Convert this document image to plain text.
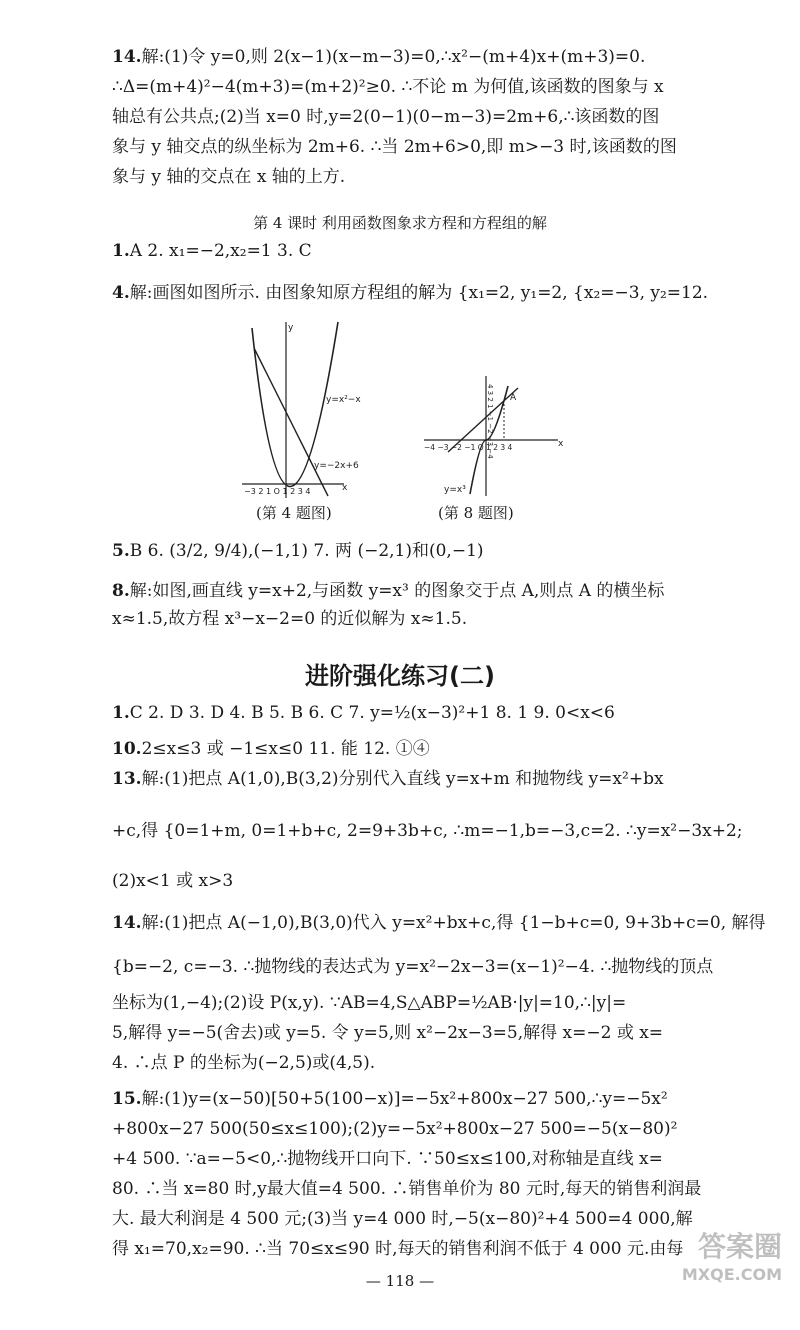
14.解:(1)令 y=0,则 2(x−1)(x−m−3)=0,∴x²−(m+4)x+(m+3)=0.
∴Δ=(m+4)²−4(m+3)=(m+2)²≥0. ∴不论 m 为何值,该函数的图象与 x
轴总有公共点;(2)当 x=0 时,y=2(0−1)(0−m−3)=2m+6,∴该函数的图
象与 y 轴交点的纵坐标为 2m+6. ∴当 2m+6>0,即 m>−3 时,该函数的图
象与 y 轴的交点在 x 轴的上方.
第 4 课时 利用函数图象求方程和方程组的解
1.A 2. x₁=−2,x₂=1 3. C
4.解:画图如图所示. 由图象知原方程组的解为 {x₁=2, y₁=2, {x₂=−3, y₂=12.
y=x²−x
y=−2x+6
−3 2 1 O 1 2 3 4	x
y
(第 4 题图)
A
y=x³
−4 −3 −2 −1 O 1 2 3 4	x
4 3 2 1 −1 −2 −3 −4
(第 8 题图)
5.B 6. (3/2, 9/4),(−1,1) 7. 两 (−2,1)和(0,−1)
8.解:如图,画直线 y=x+2,与函数 y=x³ 的图象交于点 A,则点 A 的横坐标
x≈1.5,故方程 x³−x−2=0 的近似解为 x≈1.5.
进阶强化练习(二)
1.C 2. D 3. D 4. B 5. B 6. C 7. y=½(x−3)²+1 8. 1 9. 0<x<6
10.2≤x≤3 或 −1≤x≤0 11. 能 12. ①④
13.解:(1)把点 A(1,0),B(3,2)分别代入直线 y=x+m 和抛物线 y=x²+bx
+c,得 {0=1+m, 0=1+b+c, 2=9+3b+c, ∴m=−1,b=−3,c=2. ∴y=x²−3x+2;
(2)x<1 或 x>3
14.解:(1)把点 A(−1,0),B(3,0)代入 y=x²+bx+c,得 {1−b+c=0, 9+3b+c=0, 解得
{b=−2, c=−3. ∴抛物线的表达式为 y=x²−2x−3=(x−1)²−4. ∴抛物线的顶点
坐标为(1,−4);(2)设 P(x,y). ∵AB=4,S△ABP=½AB·|y|=10,∴|y|=
5,解得 y=−5(舍去)或 y=5. 令 y=5,则 x²−2x−3=5,解得 x=−2 或 x=
4. ∴点 P 的坐标为(−2,5)或(4,5).
15.解:(1)y=(x−50)[50+5(100−x)]=−5x²+800x−27 500,∴y=−5x²
+800x−27 500(50≤x≤100);(2)y=−5x²+800x−27 500=−5(x−80)²
+4 500. ∵a=−5<0,∴抛物线开口向下. ∵50≤x≤100,对称轴是直线 x=
80. ∴当 x=80 时,y最大值=4 500. ∴销售单价为 80 元时,每天的销售利润最
大. 最大利润是 4 500 元;(3)当 y=4 000 时,−5(x−80)²+4 500=4 000,解
得 x₁=70,x₂=90. ∴当 70≤x≤90 时,每天的销售利润不低于 4 000 元.由每
— 118 —
答案圈
MXQE.COM
